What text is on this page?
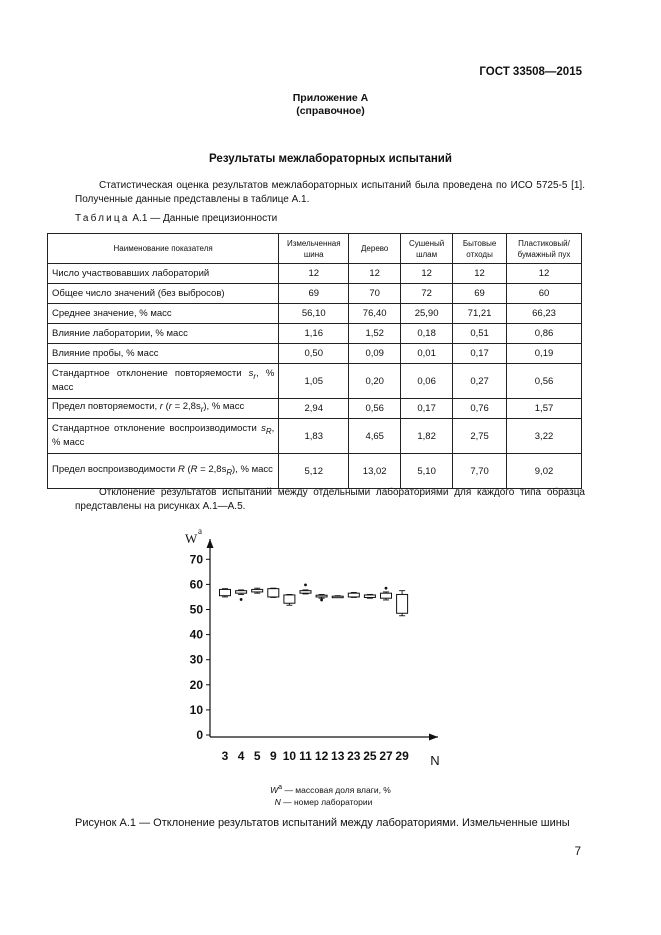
ГОСТ 33508—2015
Приложение А
(справочное)
Результаты межлабораторных испытаний
Статистическая оценка результатов межлабораторных испытаний была проведена по ИСО 5725-5 [1]. Полученные данные представлены в таблице А.1.
Таблица А.1 — Данные прецизионности
Наименование показателя	Измельченная шина	Дерево	Сушеный шлам	Бытовые отходы	Пластиковый/ бумажный пух
Число участвовавших лабораторий	12	12	12	12	12
Общее число значений (без выбросов)	69	70	72	69	60
Среднее значение, % масс	56,10	76,40	25,90	71,21	66,23
Влияние лаборатории, % масс	1,16	1,52	0,18	0,51	0,86
Влияние пробы, % масс	0,50	0,09	0,01	0,17	0,19
Стандартное отклонение повторяемости $s_r$, % масс	1,05	0,20	0,06	0,27	0,56
Предел повторяемости, r $(r = 2,8s_r)$, % масс	2,94	0,56	0,17	0,76	1,57
Стандартное отклонение воспроизводимости $s_R$, % масс	1,83	4,65	1,82	2,75	3,22
Предел воспроизводимости R $(R = 2,8s_R)$, % масс	5,12	13,02	5,10	7,70	9,02
Отклонение результатов испытаний между отдельными лабораториями для каждого типа образца представлены на рисунках А.1—А.5.
0
10
20
30
40
50
60
70
W a
3 4 5 9 10 11 12 13 23 25 27 29 N
$W^a$ — массовая доля влаги, %
N — номер лаборатории
Рисунок А.1 — Отклонение результатов испытаний между лабораториями. Измельченные шины
7
